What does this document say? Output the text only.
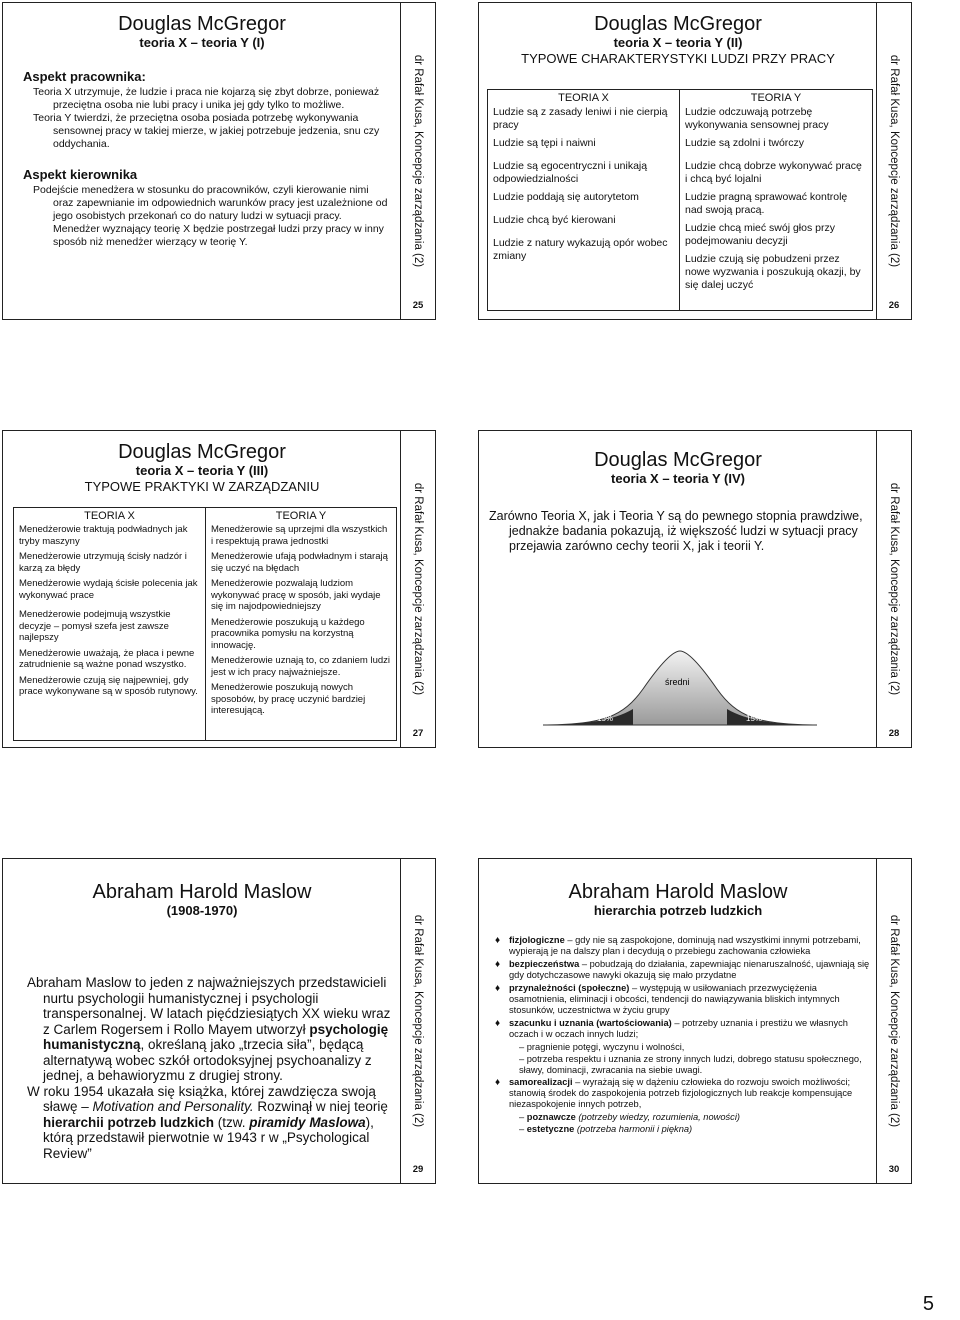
Douglas McGregor
teoria X – teoria Y (I)
Aspekt pracownika:
Teoria X utrzymuje, że ludzie i praca nie kojarzą się zbyt dobrze, ponieważ przeciętna osoba nie lubi pracy i unika jej gdy tylko to możliwe.
Teoria Y twierdzi, że przeciętna osoba posiada potrzebę wykonywania sensownej pracy w takiej mierze, w jakiej potrzebuje jedzenia, snu czy oddychania.
Aspekt kierownika
Podejście menedżera w stosunku do pracowników, czyli kierowanie nimi oraz zapewnianie im odpowiednich warunków pracy jest uzależnione od jego osobistych przekonań co do natury ludzi w sytuacji pracy. Menedżer wyznający teorię X będzie postrzegał ludzi przy pracy w inny sposób niż menedżer wierzący w teorię Y.	dr Rafał Kusa, Koncepcje zarządzania (2)
25
Douglas McGregor
teoria X – teoria Y (II)
TYPOWE CHARAKTERYSTYKI LUDZI PRZY PRACY
TEORIA X
Ludzie są z zasady leniwi i nie cierpią pracy
Ludzie są tępi i naiwni
Ludzie są egocentryczni i unikają odpowiedzialności
Ludzie poddają się autorytetom
Ludzie chcą być kierowani
Ludzie z natury wykazują opór wobec zmiany
TEORIA Y
Ludzie odczuwają potrzebę wykonywania sensownej pracy
Ludzie są zdolni i twórczy
Ludzie chcą dobrze wykonywać pracę i chcą być lojalni
Ludzie pragną sprawować kontrolę nad swoją pracą.
Ludzie chcą mieć swój głos przy podejmowaniu decyzji
Ludzie czują się pobudzeni przez nowe wyzwania i poszukują okazji, by się dalej uczyć
dr Rafał Kusa, Koncepcje zarządzania (2)
26
Douglas McGregor
teoria X – teoria Y (III)
TYPOWE PRAKTYKI W ZARZĄDZANIU
TEORIA X
Menedżerowie traktują podwładnych jak tryby maszyny
Menedżerowie utrzymują ścisły nadzór i karzą za błędy
Menedżerowie wydają ścisłe polecenia jak wykonywać prace
Menedżerowie podejmują wszystkie decyzje – pomysł szefa jest zawsze najlepszy
Menedżerowie uważają, że płaca i pewne zatrudnienie są ważne ponad wszystko.
Menedżerowie czują się najpewniej, gdy prace wykonywane są w sposób rutynowy.
TEORIA Y
Menedżerowie są uprzejmi dla wszystkich i respektują prawa jednostki
Menedżerowie ufają podwładnym i starają się uczyć na błędach
Menedżerowie pozwalają ludziom wykonywać pracę w sposób, jaki wydaje się im najodpowiedniejszy
Menedżerowie poszukują u każdego pracownika pomysłu na korzystną innowację.
Menedżerowie uznają to, co zdaniem ludzi jest w ich pracy najważniejsze.
Menedżerowie poszukują nowych sposobów, by pracę uczynić bardziej interesującą.
dr Rafał Kusa, Koncepcje zarządzania (2)
27
Douglas McGregor
teoria X – teoria Y (IV)
Zarówno Teoria X, jak i Teoria Y są do pewnego stopnia prawdziwe, jednakże badania pokazują, iż większość ludzi w sytuacji pracy przejawia zarówno cechy teorii X, jak i teorii Y.
15%
średni
15%
dr Rafał Kusa, Koncepcje zarządzania (2)
28
Abraham Harold Maslow
(1908-1970)
Abraham Maslow to jeden z najważniejszych przedstawicieli nurtu psychologii humanistycznej i psychologii transpersonalnej. W latach pięćdziesiątych XX wieku wraz z Carlem Rogersem i Rollo Mayem utworzył psychologię humanistyczną, określaną jako „trzecia siła”, będącą alternatywą wobec szkół ortodoksyjnej psychoanalizy z jednej, a behawioryzmu z drugiej strony.
W roku 1954 ukazała się książka, której zawdzięcza swoją sławę – Motivation and Personality. Rozwinął w niej teorię hierarchii potrzeb ludzkich (tzw. piramidy Maslowa), którą przedstawił pierwotnie w 1943 r w „Psychological Review”
dr Rafał Kusa, Koncepcje zarządzania (2)
29
Abraham Harold Maslow
hierarchia potrzeb ludzkich
♦ fizjologiczne – gdy nie są zaspokojone, dominują nad wszystkimi innymi potrzebami, wypierają je na dalszy plan i decydują o przebiegu zachowania człowieka
♦ bezpieczeństwa – pobudzają do działania, zapewniając nienaruszalność, ujawniają się gdy dotychczasowe nawyki okazują się mało przydatne
♦ przynależności (społeczne) – występują w usiłowaniach przezwyciężenia osamotnienia, eliminacji i obcości, tendencji do nawiązywania bliskich intymnych stosunków, uczestnictwa w życiu grupy
♦ szacunku i uznania (wartościowania) – potrzeby uznania i prestiżu we własnych oczach i w oczach innych ludzi;
– pragnienie potęgi, wyczynu i wolności,
– potrzeba respektu i uznania ze strony innych ludzi, dobrego statusu społecznego, sławy, dominacji, zwracania na siebie uwagi.
♦ samorealizacji – wyrażają się w dążeniu człowieka do rozwoju swoich możliwości; stanowią środek do zaspokojenia potrzeb fizjologicznych lub reakcje kompensujące niezaspokojenie innych potrzeb,
– poznawcze (potrzeby wiedzy, rozumienia, nowości)
– estetyczne (potrzeba harmonii i piękna)
dr Rafał Kusa, Koncepcje zarządzania (2)
30
5
